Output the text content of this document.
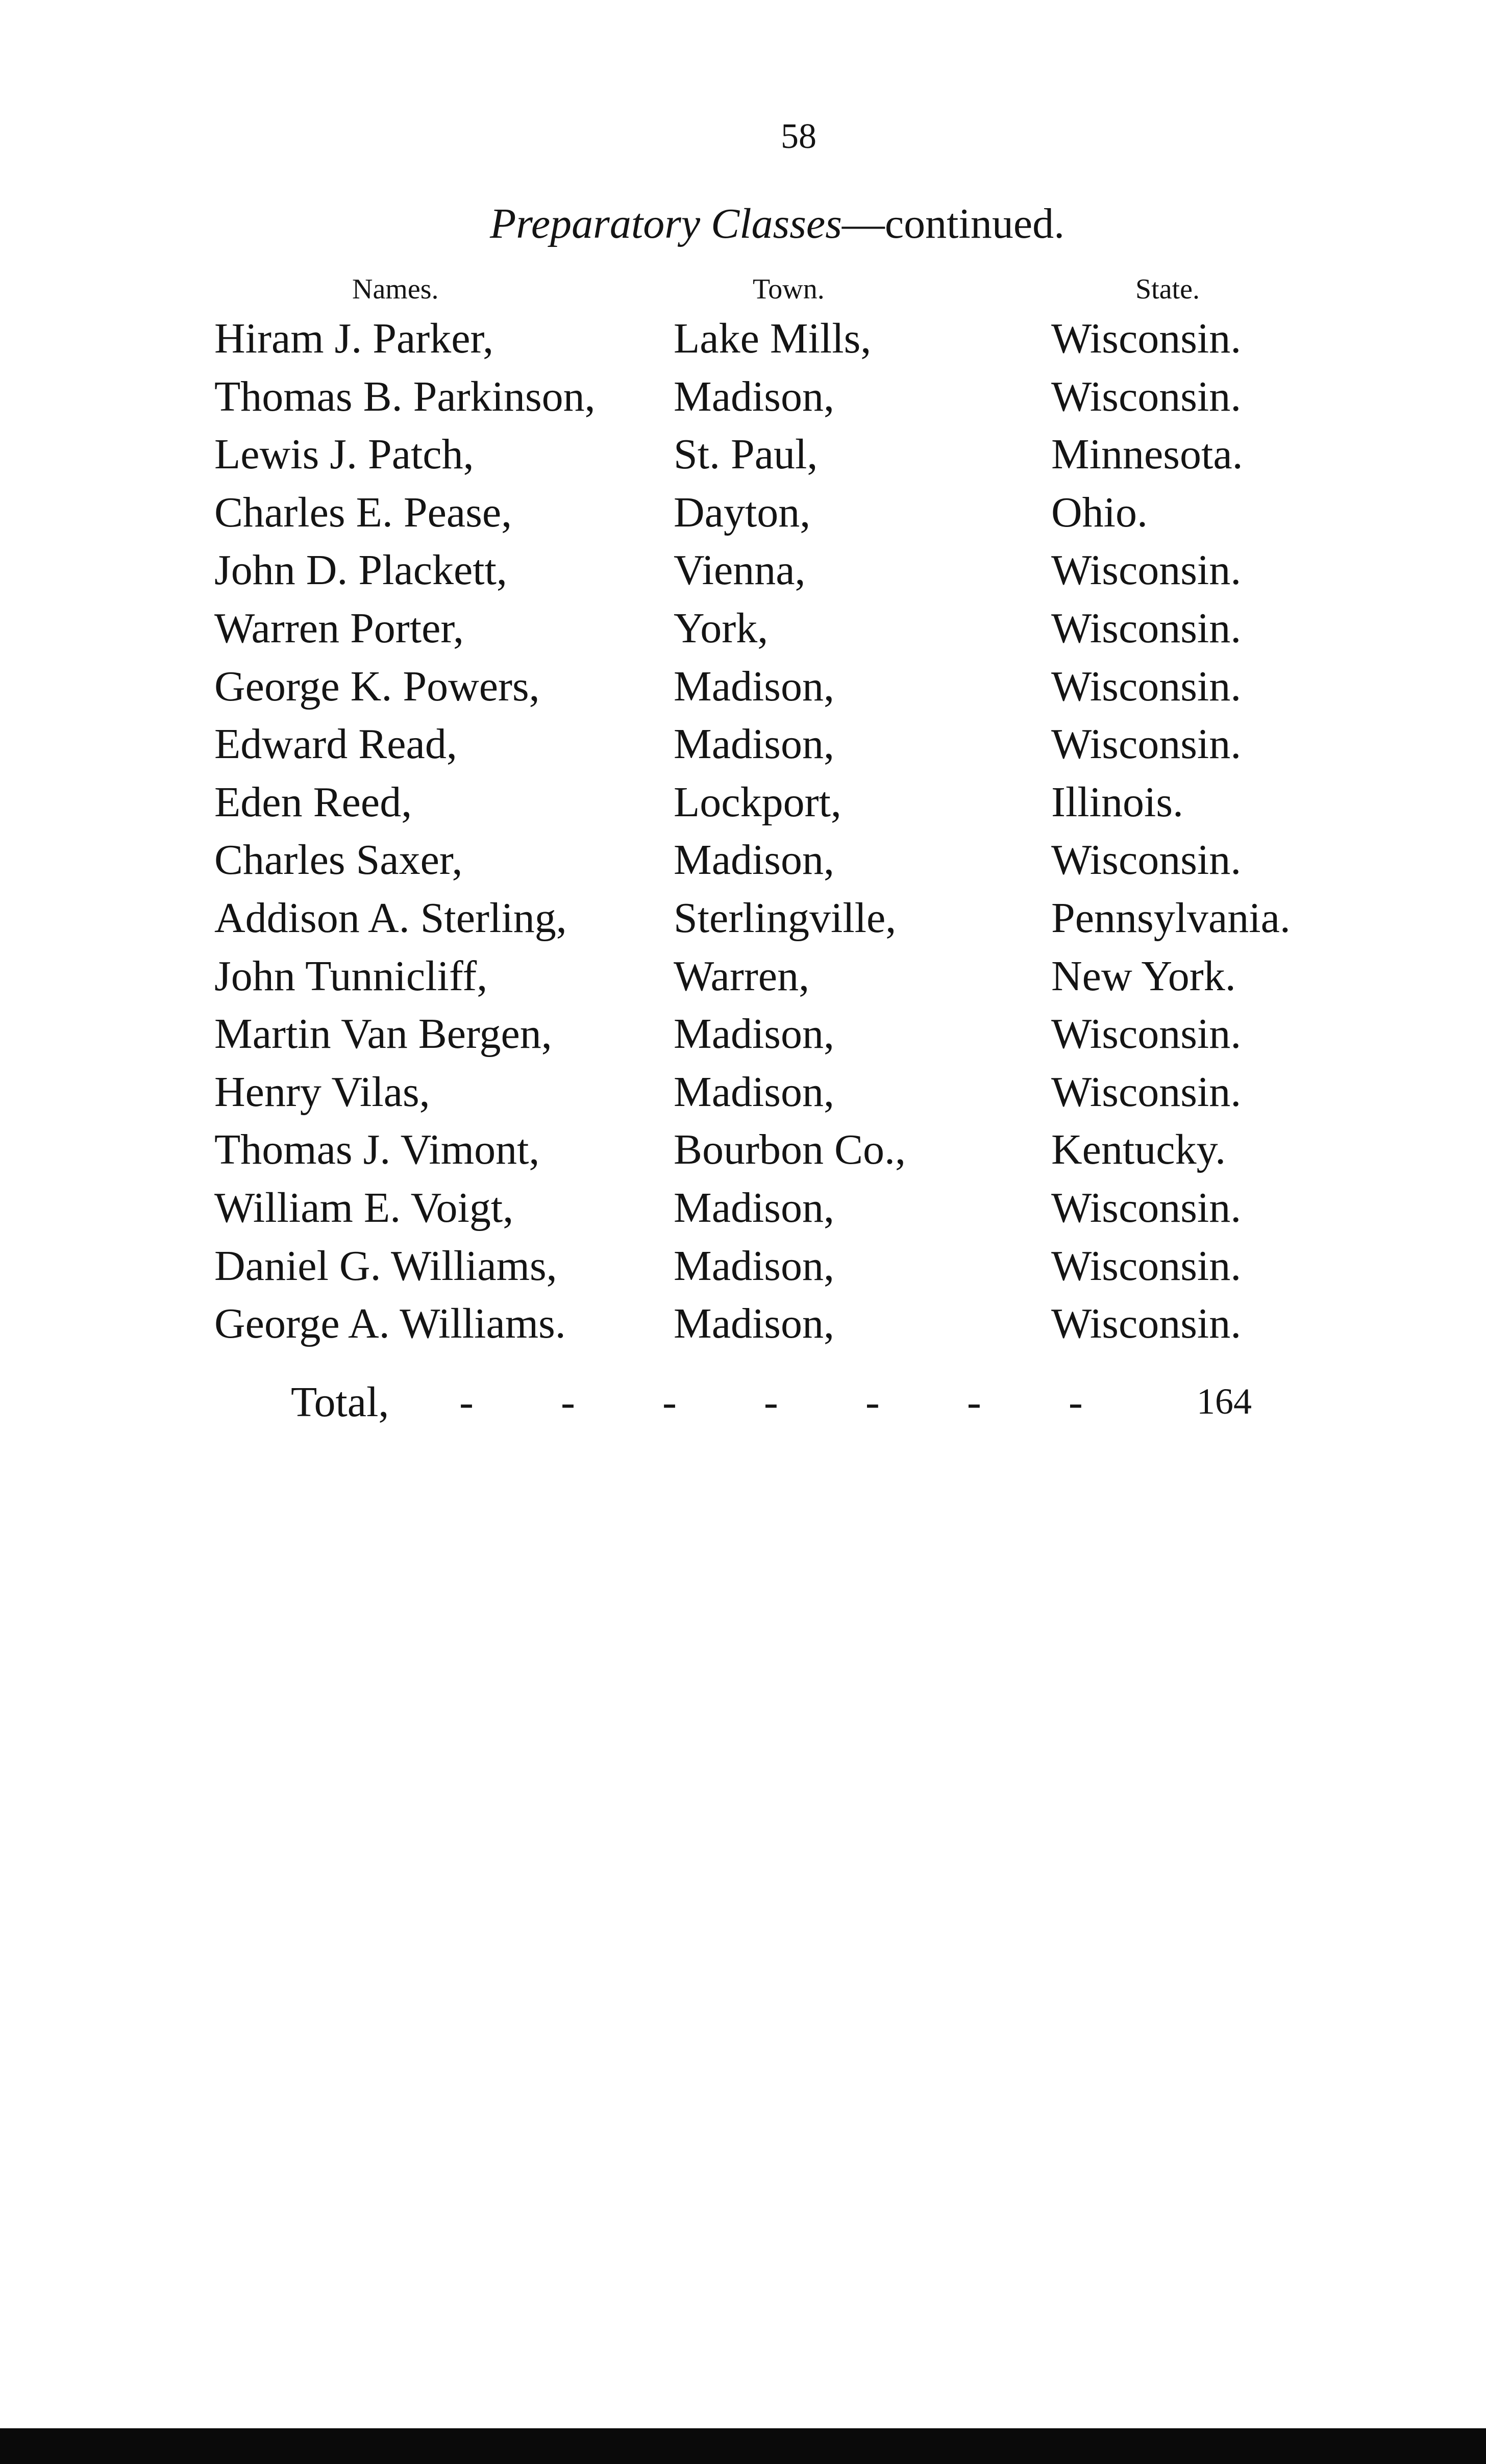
58
Preparatory Classes—continued.
Names.	Town.	State.
Hiram J. Parker,	Lake Mills,	Wisconsin.
Thomas B. Parkinson, Madison,	Wisconsin.
Lewis J. Patch,	St. Paul,	Minnesota.
Charles E. Pease,	Dayton,	Ohio.
John D. Plackett,	Vienna,	Wisconsin.
Warren Porter,	York,	Wisconsin.
George K. Powers,	Madison,	Wisconsin.
Edward Read,	Madison,	Wisconsin.
Eden Reed,	Lockport,	Illinois.
Charles Saxer,	Madison,	Wisconsin.
Addison A. Sterling, Sterlingville,	Pennsylvania.
John Tunnicliff,	Warren,	New York.
Martin Van Bergen,	Madison,	Wisconsin.
Henry Vilas,	Madison,	Wisconsin.
Thomas J. Vimont,	Bourbon Co.,	Kentucky.
William E. Voigt,	Madison,	Wisconsin.
Daniel G. Williams,	Madison,	Wisconsin.
George A. Williams.	Madison,	Wisconsin.
Total, - - - - - - -	164
